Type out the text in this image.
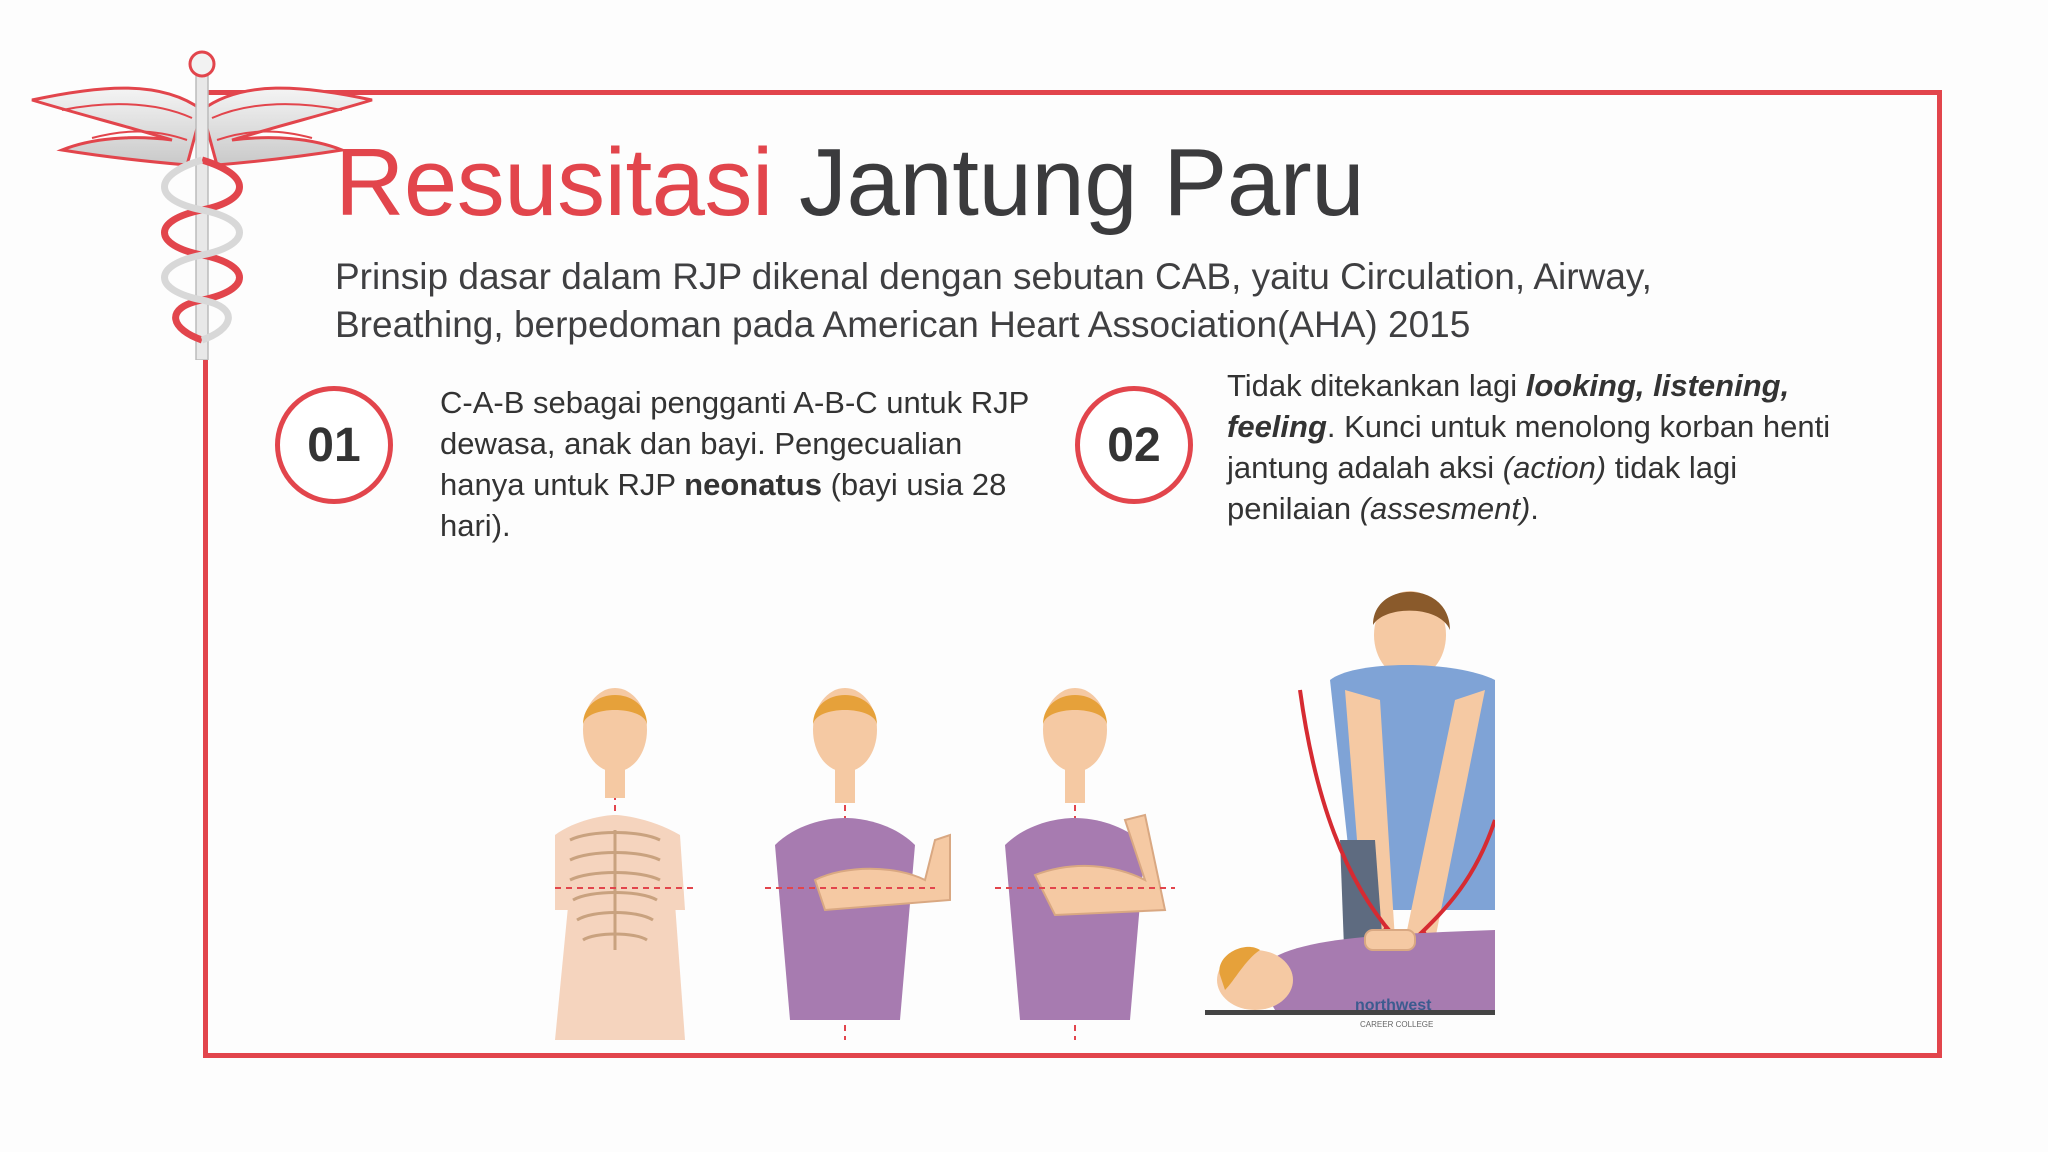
Resusitasi Jantung Paru
Prinsip dasar dalam RJP dikenal dengan sebutan CAB, yaitu Circulation, Airway, Breathing, berpedoman pada American Heart Association(AHA) 2015
01
C-A-B sebagai pengganti A-B-C untuk RJP dewasa, anak dan bayi. Pengecualian hanya untuk RJP neonatus (bayi usia 28 hari).
02
Tidak ditekankan lagi looking, listening, feeling. Kunci untuk menolong korban henti jantung adalah aksi (action) tidak lagi penilaian (assesment).
northwest
CAREER COLLEGE
